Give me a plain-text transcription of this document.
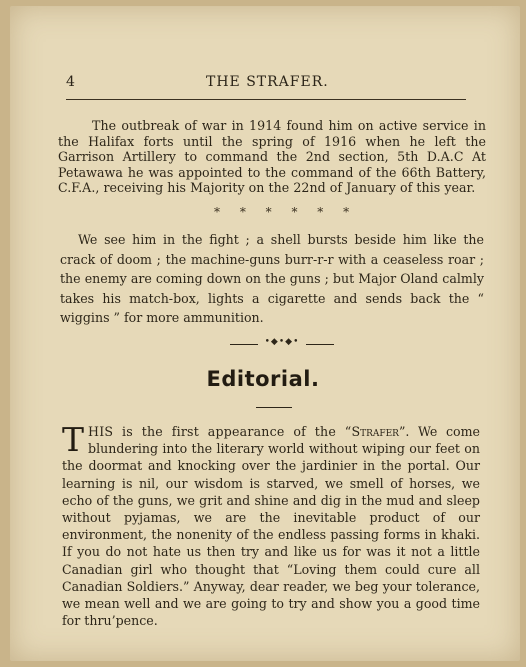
4	THE STRAFER.

The outbreak of war in 1914 found him on active service in the Halifax forts until the spring of 1916 when he left the Garrison Artillery to command the 2nd section, 5th D.A.C At Petawawa he was appointed to the command of the 66th Battery, C.F.A., receiving his Majority on the 22nd of January of this year.

* * * * * *

We see him in the fight ; a shell bursts beside him like the crack of doom ; the machine-guns burr-r-r with a ceaseless roar ; the enemy are coming down on the guns ; but Major Oland calmly takes his match-box, lights a cigarette and sends back the “ wiggins ” for more ammunition.

•◆•◆•
Editorial.
THIS is the first appearance of the “Strafer”. We come blundering into the literary world without wiping our feet on the doormat and knocking over the jardinier in the portal. Our learning is nil, our wisdom is starved, we smell of horses, we echo of the guns, we grit and shine and dig in the mud and sleep without pyjamas, we are the inevitable product of our environment, the nonenity of the endless passing forms in khaki. If you do not hate us then try and like us for was it not a little Canadian girl who thought that “Loving them could cure all Canadian Soldiers.” Anyway, dear reader, we beg your tolerance, we mean well and we are going to try and show you a good time for thru’pence.
